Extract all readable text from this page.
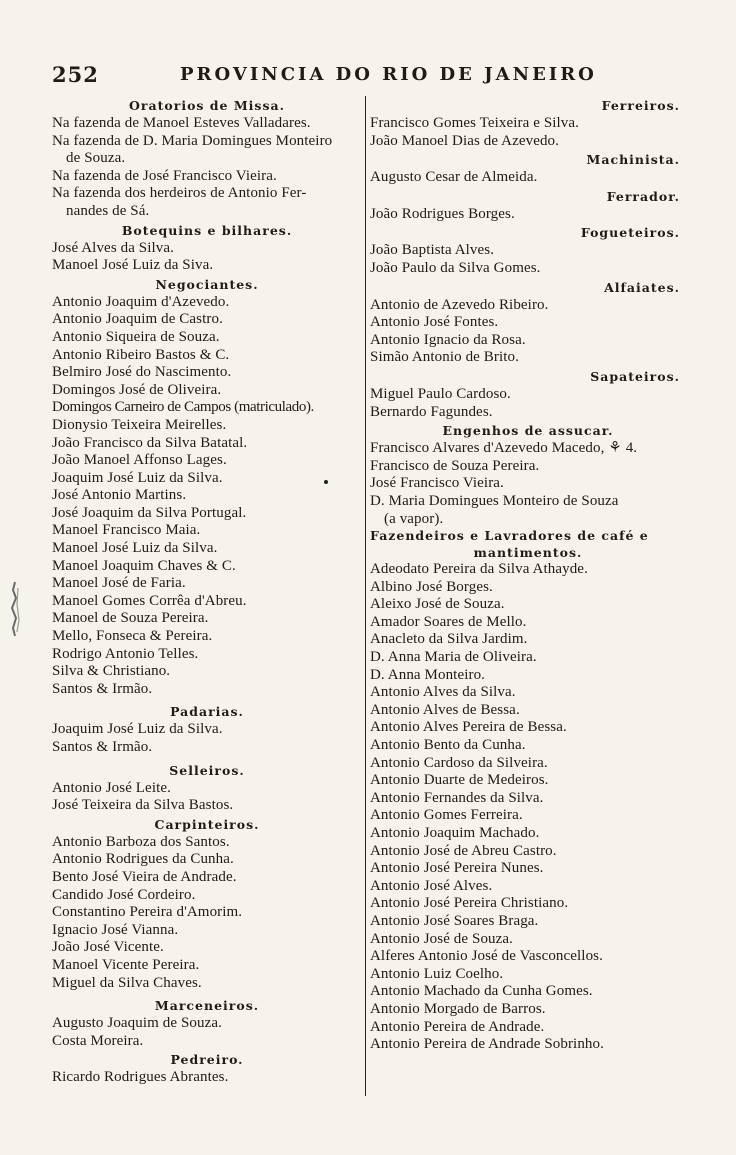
252	PROVINCIA DO RIO DE JANEIRO
Oratorios de Missa.
Na fazenda de Manoel Esteves Valladares.
Na fazenda de D. Maria Domingues Monteiro
de Souza.
Na fazenda de José Francisco Vieira.
Na fazenda dos herdeiros de Antonio Fer-
nandes de Sá.
Botequins e bilhares.
José Alves da Silva.
Manoel José Luiz da Siva.
Negociantes.
Antonio Joaquim d'Azevedo.
Antonio Joaquim de Castro.
Antonio Siqueira de Souza.
Antonio Ribeiro Bastos & C.
Belmiro José do Nascimento.
Domingos José de Oliveira.
Domingos Carneiro de Campos (matriculado).
Dionysio Teixeira Meirelles.
João Francisco da Silva Batatal.
João Manoel Affonso Lages.
Joaquim José Luiz da Silva.
José Antonio Martins.
José Joaquim da Silva Portugal.
Manoel Francisco Maia.
Manoel José Luiz da Silva.
Manoel Joaquim Chaves & C.
Manoel José de Faria.
Manoel Gomes Corrêa d'Abreu.
Manoel de Souza Pereira.
Mello, Fonseca & Pereira.
Rodrigo Antonio Telles.
Silva & Christiano.
Santos & Irmão.
Padarias.
Joaquim José Luiz da Silva.
Santos & Irmão.
Selleiros.
Antonio José Leite.
José Teixeira da Silva Bastos.
Carpinteiros.
Antonio Barboza dos Santos.
Antonio Rodrigues da Cunha.
Bento José Vieira de Andrade.
Candido José Cordeiro.
Constantino Pereira d'Amorim.
Ignacio José Vianna.
João José Vicente.
Manoel Vicente Pereira.
Miguel da Silva Chaves.
Marceneiros.
Augusto Joaquim de Souza.
Costa Moreira.
Pedreiro.
Ricardo Rodrigues Abrantes.
Ferreiros.
Francisco Gomes Teixeira e Silva.
João Manoel Dias de Azevedo.
Machinista.
Augusto Cesar de Almeida.
Ferrador.
João Rodrigues Borges.
Fogueteiros.
João Baptista Alves.
João Paulo da Silva Gomes.
Alfaiates.
Antonio de Azevedo Ribeiro.
Antonio José Fontes.
Antonio Ignacio da Rosa.
Simão Antonio de Brito.
Sapateiros.
Miguel Paulo Cardoso.
Bernardo Fagundes.
Engenhos de assucar.
Francisco Alvares d'Azevedo Macedo, ⚘ 4.
Francisco de Souza Pereira.
José Francisco Vieira.
D. Maria Domingues Monteiro de Souza
(a vapor).
Fazendeiros e Lavradores de café e
mantimentos.
Adeodato Pereira da Silva Athayde.
Albino José Borges.
Aleixo José de Souza.
Amador Soares de Mello.
Anacleto da Silva Jardim.
D. Anna Maria de Oliveira.
D. Anna Monteiro.
Antonio Alves da Silva.
Antonio Alves de Bessa.
Antonio Alves Pereira de Bessa.
Antonio Bento da Cunha.
Antonio Cardoso da Silveira.
Antonio Duarte de Medeiros.
Antonio Fernandes da Silva.
Antonio Gomes Ferreira.
Antonio Joaquim Machado.
Antonio José de Abreu Castro.
Antonio José Pereira Nunes.
Antonio José Alves.
Antonio José Pereira Christiano.
Antonio José Soares Braga.
Antonio José de Souza.
Alferes Antonio José de Vasconcellos.
Antonio Luiz Coelho.
Antonio Machado da Cunha Gomes.
Antonio Morgado de Barros.
Antonio Pereira de Andrade.
Antonio Pereira de Andrade Sobrinho.
